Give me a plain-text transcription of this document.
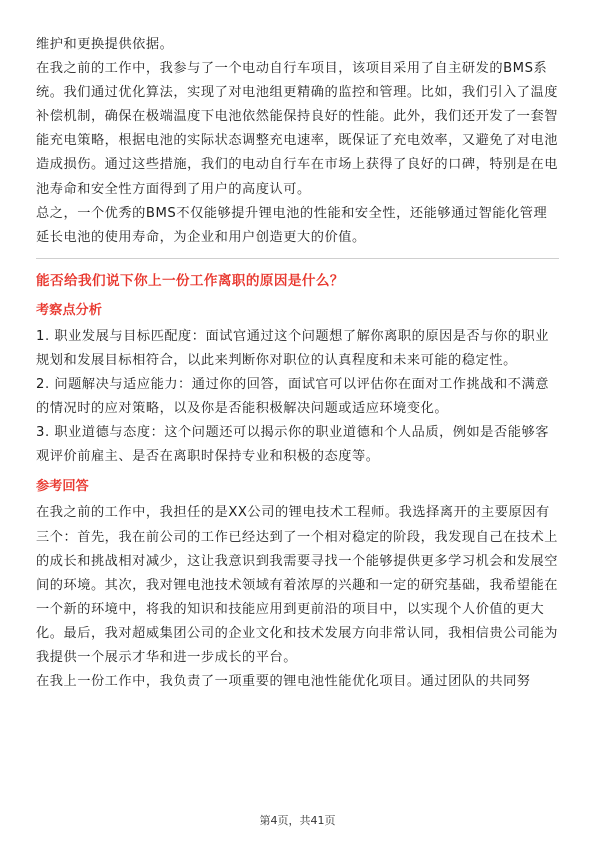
维护和更换提供依据。

在我之前的工作中，我参与了一个电动自行车项目，该项目采用了自主研发的BMS系统。我们通过优化算法，实现了对电池组更精确的监控和管理。比如，我们引入了温度补偿机制，确保在极端温度下电池依然能保持良好的性能。此外，我们还开发了一套智能充电策略，根据电池的实际状态调整充电速率，既保证了充电效率，又避免了对电池造成损伤。通过这些措施，我们的电动自行车在市场上获得了良好的口碑，特别是在电池寿命和安全性方面得到了用户的高度认可。

总之，一个优秀的BMS不仅能够提升锂电池的性能和安全性，还能够通过智能化管理延长电池的使用寿命，为企业和用户创造更大的价值。

能否给我们说下你上一份工作离职的原因是什么？
考察点分析

1. 职业发展与目标匹配度：面试官通过这个问题想了解你离职的原因是否与你的职业规划和发展目标相符合，以此来判断你对职位的认真程度和未来可能的稳定性。

2. 问题解决与适应能力：通过你的回答，面试官可以评估你在面对工作挑战和不满意的情况时的应对策略，以及你是否能积极解决问题或适应环境变化。

3. 职业道德与态度：这个问题还可以揭示你的职业道德和个人品质，例如是否能够客观评价前雇主、是否在离职时保持专业和积极的态度等。

参考回答

在我之前的工作中，我担任的是XX公司的锂电技术工程师。我选择离开的主要原因有三个：首先，我在前公司的工作已经达到了一个相对稳定的阶段，我发现自己在技术上的成长和挑战相对减少，这让我意识到我需要寻找一个能够提供更多学习机会和发展空间的环境。其次，我对锂电池技术领域有着浓厚的兴趣和一定的研究基础，我希望能在一个新的环境中，将我的知识和技能应用到更前沿的项目中，以实现个人价值的更大化。最后，我对超威集团公司的企业文化和技术发展方向非常认同，我相信贵公司能为我提供一个展示才华和进一步成长的平台。

在我上一份工作中，我负责了一项重要的锂电池性能优化项目。通过团队的共同努

第4页，共41页
